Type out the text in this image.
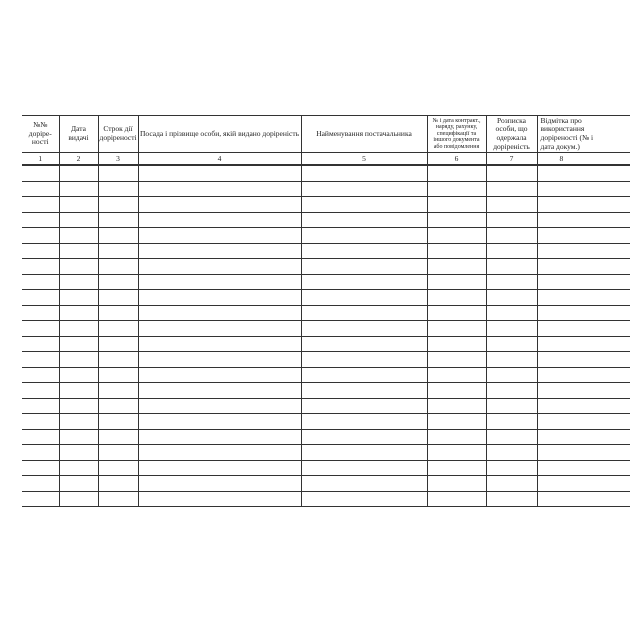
№№ доріре-ності	Дата видачі	Строк дії доріреності	Посада і прізвище особи, якій видано доріреність	Найменування постачальника	№ і дата контракт., наряду, рахунку, специфікації та іншого документа або повідомлення	Розписка особи, що одержала доріреність	Відмітка про
використання
доріреності (№ і
дата докум.)
1	2	3	4	5	6	7	8
